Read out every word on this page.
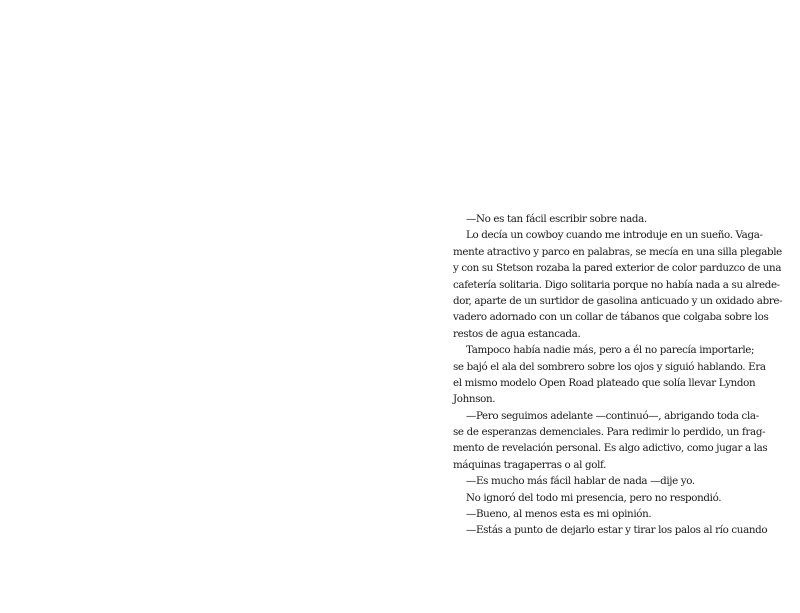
—No es tan fácil escribir sobre nada.
Lo decía un cowboy cuando me introduje en un sueño. Vaga-
mente atractivo y parco en palabras, se mecía en una silla plegable
y con su Stetson rozaba la pared exterior de color parduzco de una
cafetería solitaria. Digo solitaria porque no había nada a su alrede-
dor, aparte de un surtidor de gasolina anticuado y un oxidado abre-
vadero adornado con un collar de tábanos que colgaba sobre los
restos de agua estancada.
Tampoco había nadie más, pero a él no parecía importarle;
se bajó el ala del sombrero sobre los ojos y siguió hablando. Era
el mismo modelo Open Road plateado que solía llevar Lyndon
Johnson.
—Pero seguimos adelante —continuó—, abrigando toda cla-
se de esperanzas demenciales. Para redimir lo perdido, un frag-
mento de revelación personal. Es algo adictivo, como jugar a las
máquinas tragaperras o al golf.
—Es mucho más fácil hablar de nada —dije yo.
No ignoró del todo mi presencia, pero no respondió.
—Bueno, al menos esta es mi opinión.
—Estás a punto de dejarlo estar y tirar los palos al río cuando
